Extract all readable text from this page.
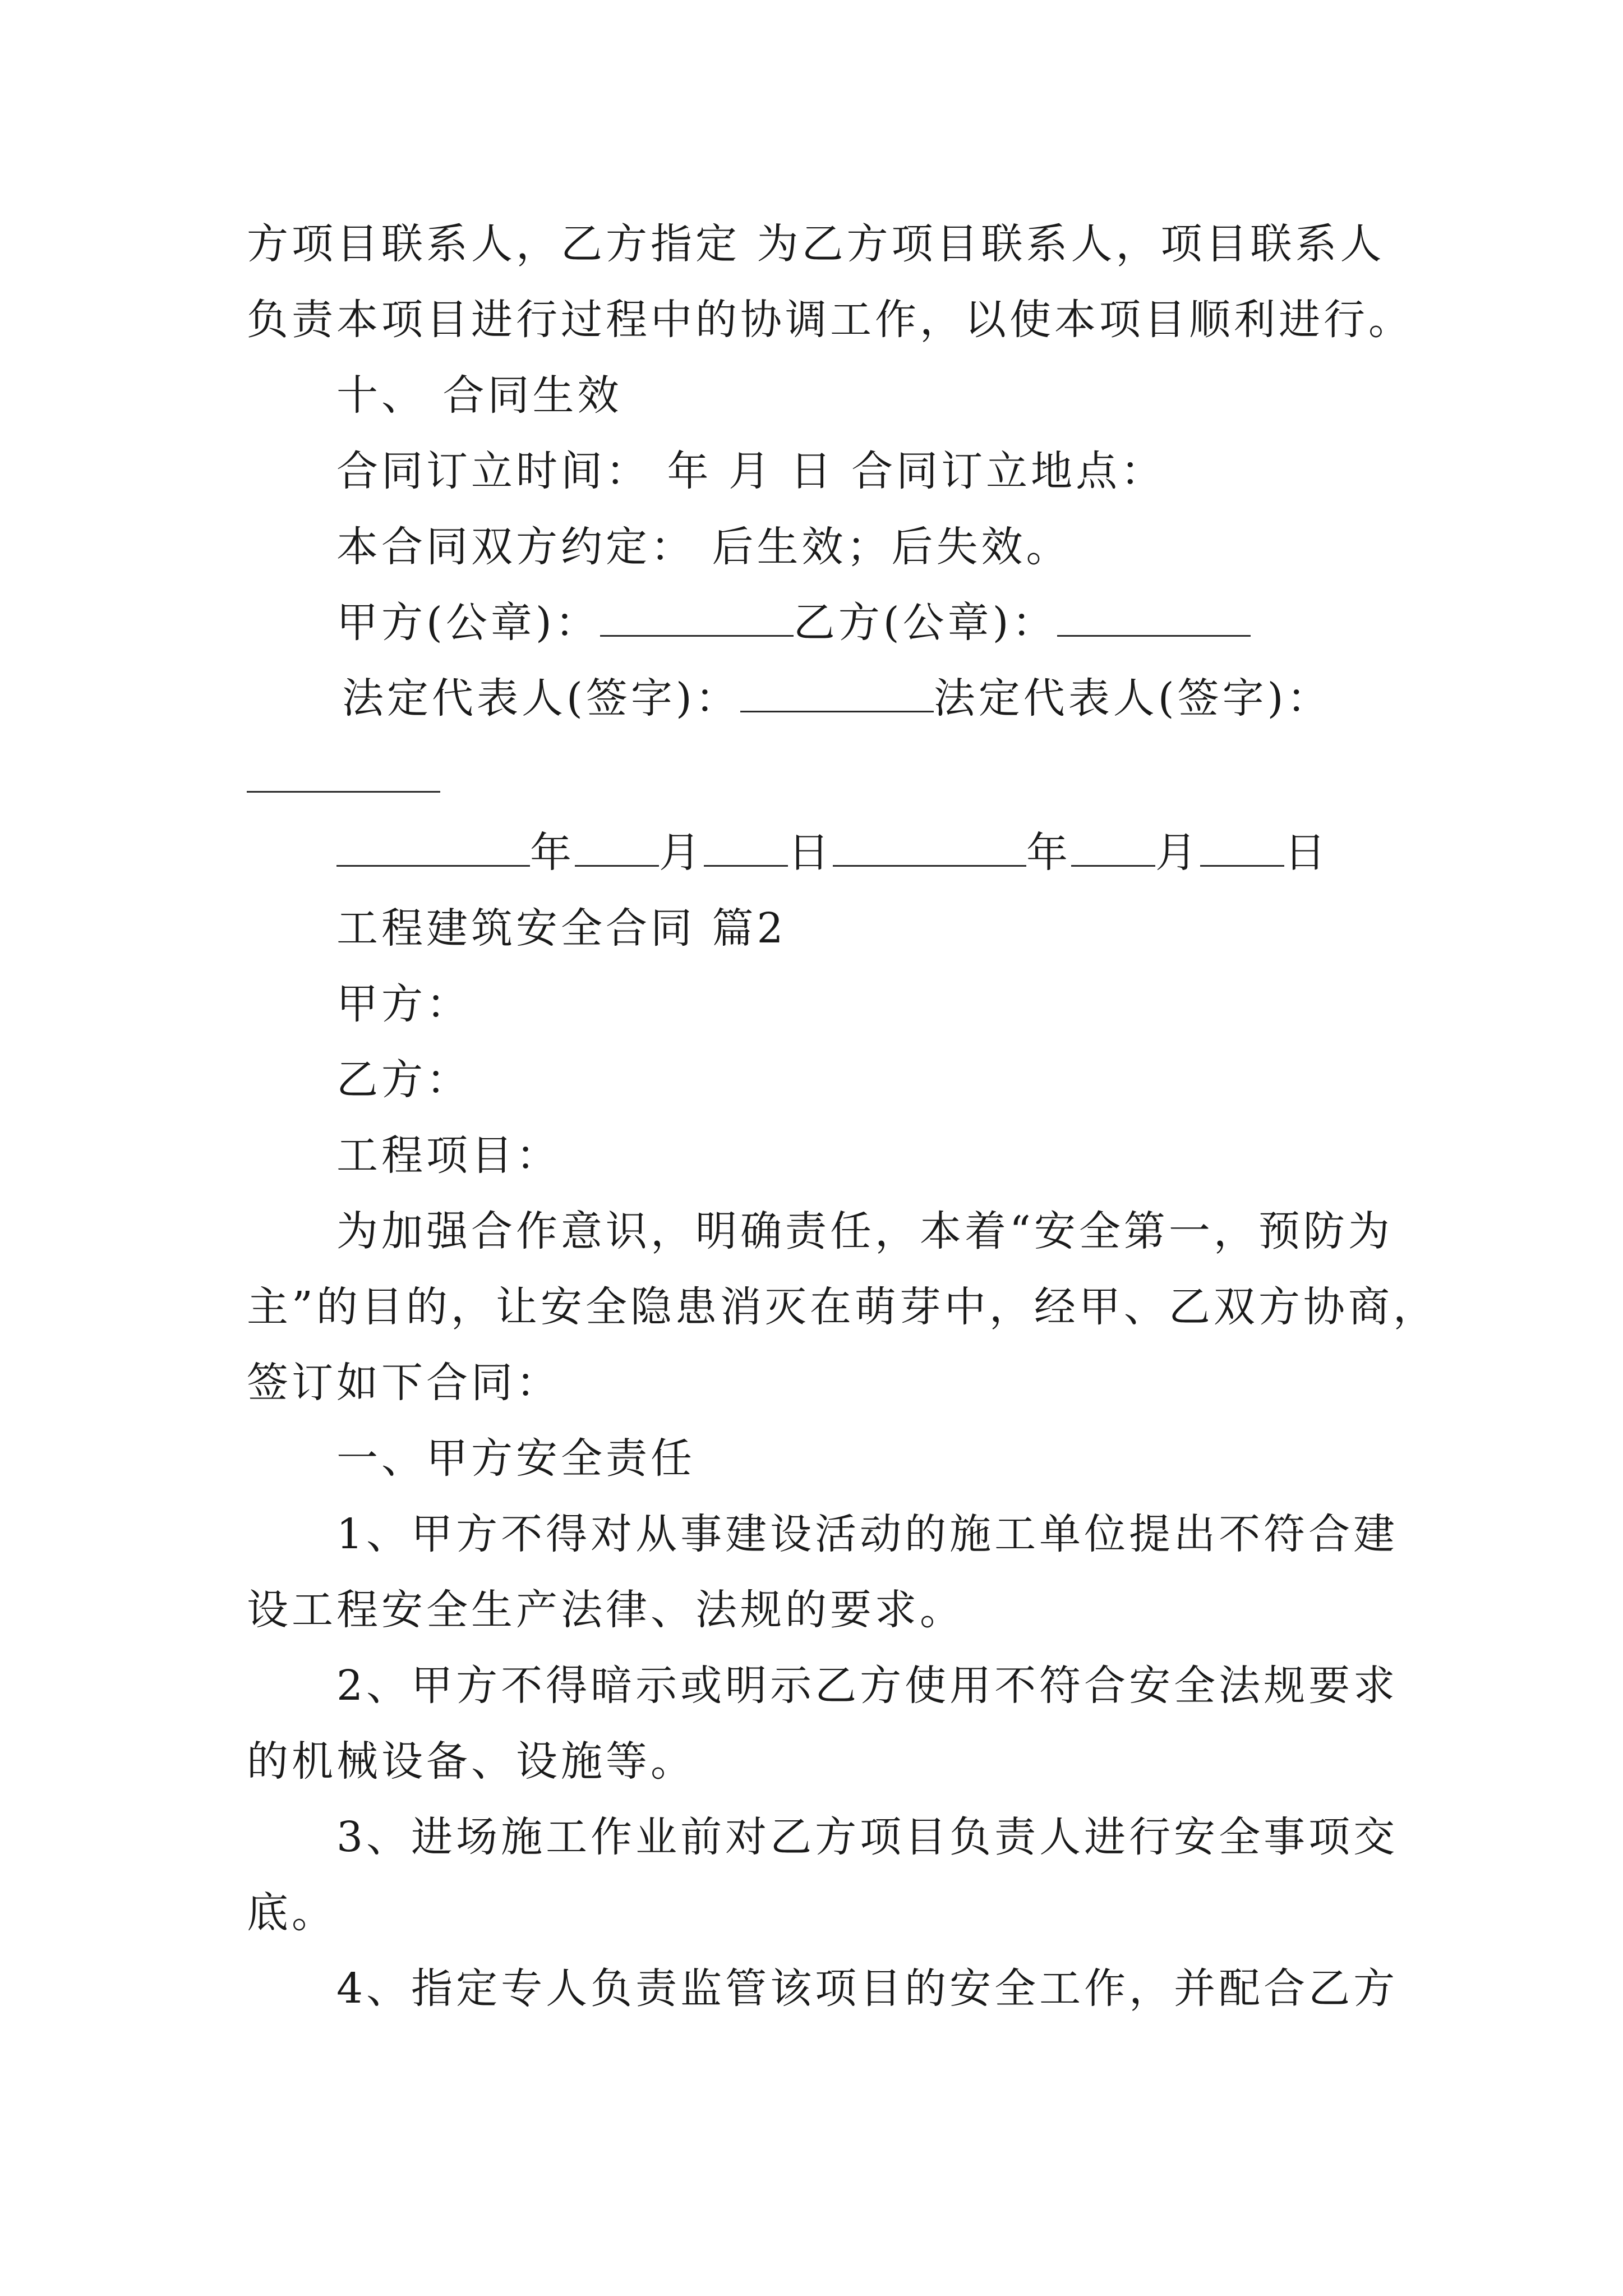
方项目联系人，乙方指定 为乙方项目联系人，项目联系人

负责本项目进行过程中的协调工作，以使本项目顺利进行。

十、 合同生效

合同订立时间： 年 月 日 合同订立地点：

本合同双方约定： 后生效；后失效。

甲方(公章)：	乙方(公章)：

法定代表人(签字)：	法定代表人(签字)：

年 月 日	年 月 日

工程建筑安全合同 篇2

甲方：

乙方：

工程项目：

为加强合作意识，明确责任，本着“安全第一，预防为

主”的目的，让安全隐患消灭在萌芽中，经甲、乙双方协商，

签订如下合同：

一、甲方安全责任

1、甲方不得对从事建设活动的施工单位提出不符合建

设工程安全生产法律、法规的要求。

2、甲方不得暗示或明示乙方使用不符合安全法规要求

的机械设备、设施等。

3、进场施工作业前对乙方项目负责人进行安全事项交

底。

4、指定专人负责监管该项目的安全工作，并配合乙方
